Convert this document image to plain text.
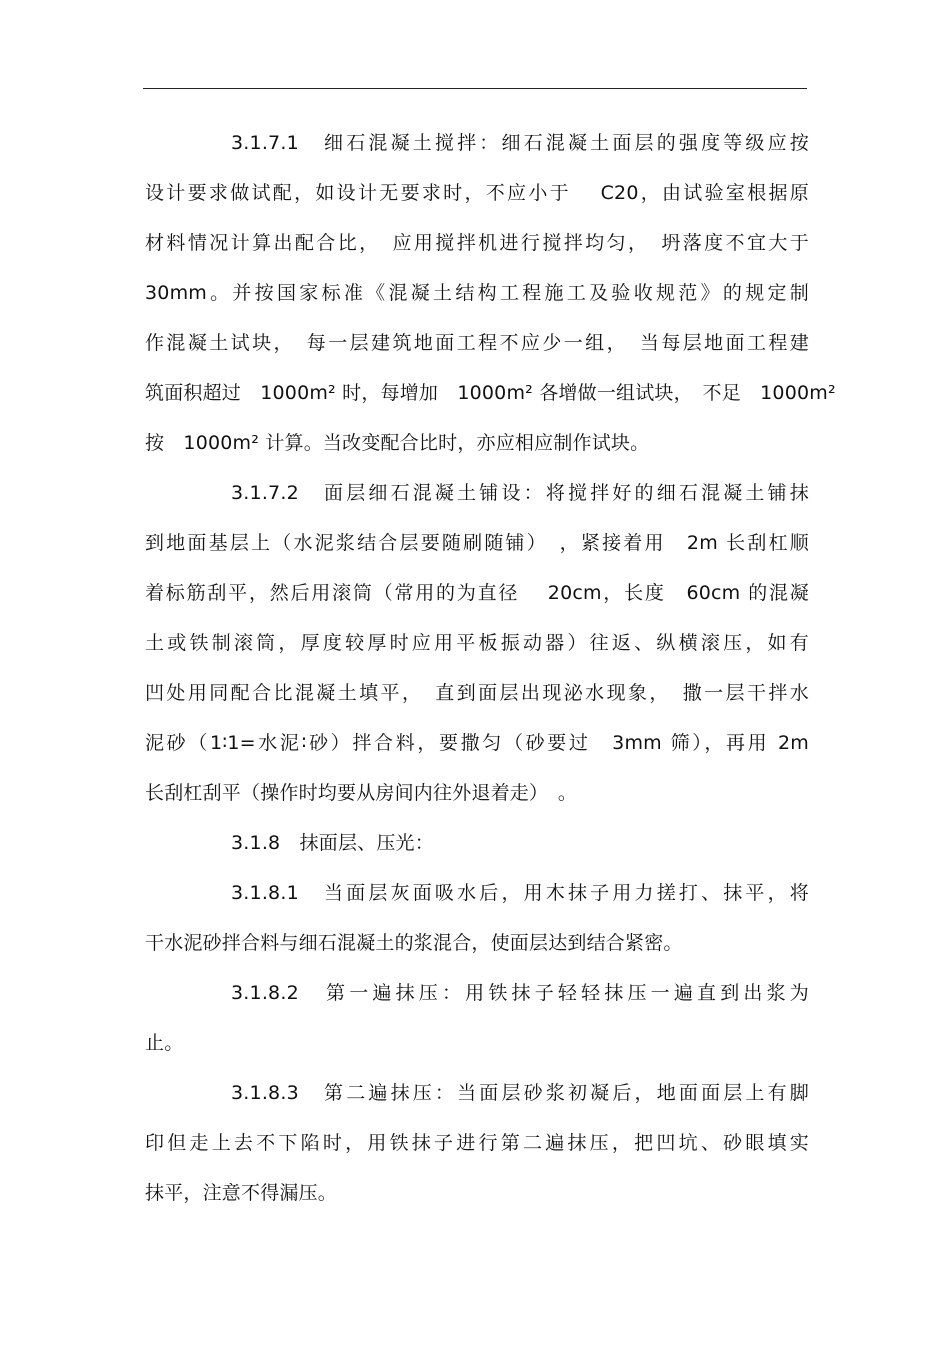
3.1.7.1　细石混凝土搅拌：细石混凝土面层的强度等级应按
设计要求做试配，如设计无要求时，不应小于　 C20，由试验室根据原
材料情况计算出配合比，　应用搅拌机进行搅拌均匀，　坍落度不宜大于
30mm。并按国家标准《混凝土结构工程施工及验收规范》的规定制
作混凝土试块，　每一层建筑地面工程不应少一组，　当每层地面工程建
筑面积超过　1000m² 时，每增加　1000m² 各增做一组试块，　不足　1000m²
按　1000m² 计算。当改变配合比时，亦应相应制作试块。
3.1.7.2　面层细石混凝土铺设：将搅拌好的细石混凝土铺抹
到地面基层上（水泥浆结合层要随刷随铺）　，紧接着用　2m 长刮杠顺
着标筋刮平，然后用滚筒（常用的为直径　 20cm，长度　60cm 的混凝
土或铁制滚筒，厚度较厚时应用平板振动器）往返、纵横滚压，如有
凹处用同配合比混凝土填平，　直到面层出现泌水现象，　撒一层干拌水
泥砂（1∶1=水泥∶砂）拌合料，要撒匀（砂要过　3mm 筛），再用 2m
长刮杠刮平（操作时均要从房间内往外退着走）　。
3.1.8　抹面层、压光：
3.1.8.1　当面层灰面吸水后，用木抹子用力搓打、抹平，将
干水泥砂拌合料与细石混凝土的浆混合，使面层达到结合紧密。
3.1.8.2　第一遍抹压：用铁抹子轻轻抹压一遍直到出浆为
止。
3.1.8.3　第二遍抹压：当面层砂浆初凝后，地面面层上有脚
印但走上去不下陷时，用铁抹子进行第二遍抹压，把凹坑、砂眼填实
抹平，注意不得漏压。
